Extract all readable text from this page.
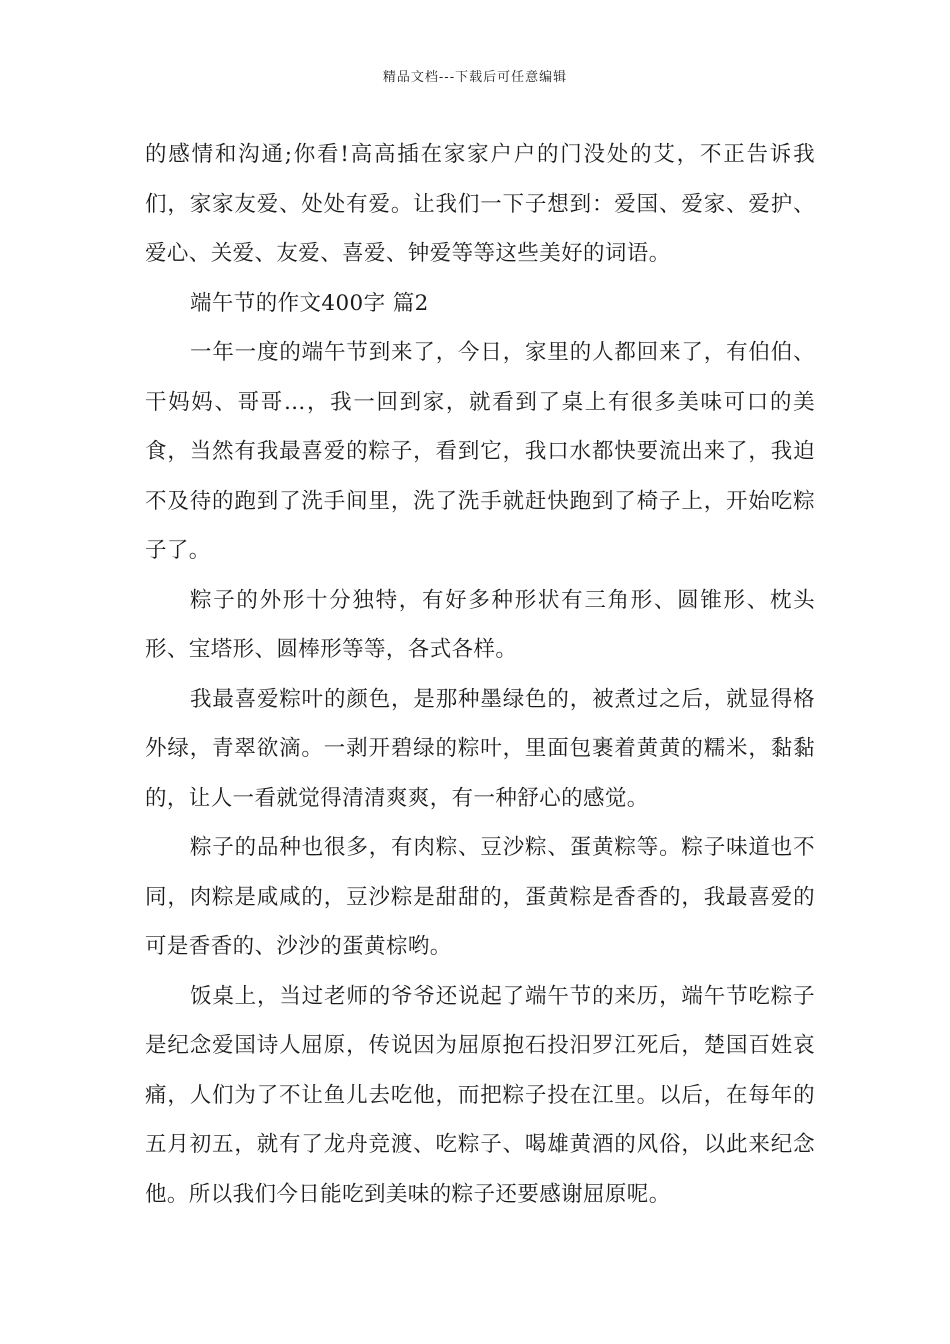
精品文档---下载后可任意编辑

的感情和沟通;你看!高高插在家家户户的门没处的艾，不正告诉我们，家家友爱、处处有爱。让我们一下子想到：爱国、爱家、爱护、爱心、关爱、友爱、喜爱、钟爱等等这些美好的词语。

端午节的作文400字 篇2

一年一度的端午节到来了，今日，家里的人都回来了，有伯伯、干妈妈、哥哥…，我一回到家，就看到了桌上有很多美味可口的美食，当然有我最喜爱的粽子，看到它，我口水都快要流出来了，我迫不及待的跑到了洗手间里，洗了洗手就赶快跑到了椅子上，开始吃粽子了。

粽子的外形十分独特，有好多种形状有三角形、圆锥形、枕头形、宝塔形、圆棒形等等，各式各样。

我最喜爱粽叶的颜色，是那种墨绿色的，被煮过之后，就显得格外绿，青翠欲滴。一剥开碧绿的粽叶，里面包裹着黄黄的糯米，黏黏的，让人一看就觉得清清爽爽，有一种舒心的感觉。

粽子的品种也很多，有肉粽、豆沙粽、蛋黄粽等。粽子味道也不同，肉粽是咸咸的，豆沙粽是甜甜的，蛋黄粽是香香的，我最喜爱的可是香香的、沙沙的蛋黄棕哟。

饭桌上，当过老师的爷爷还说起了端午节的来历，端午节吃粽子是纪念爱国诗人屈原，传说因为屈原抱石投汨罗江死后，楚国百姓哀痛，人们为了不让鱼儿去吃他，而把粽子投在江里。以后，在每年的五月初五，就有了龙舟竞渡、吃粽子、喝雄黄酒的风俗，以此来纪念他。所以我们今日能吃到美味的粽子还要感谢屈原呢。
